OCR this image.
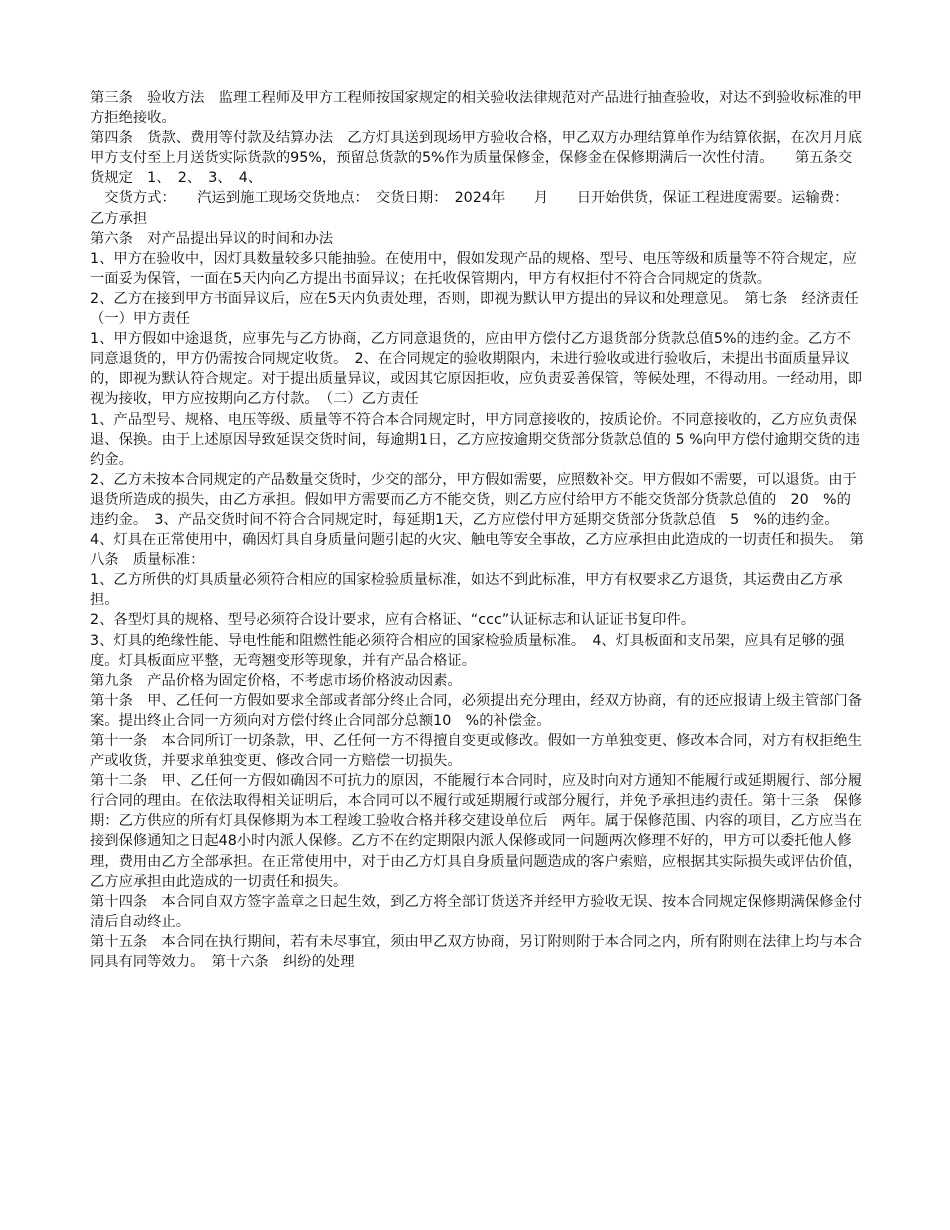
第三条　验收方法　监理工程师及甲方工程师按国家规定的相关验收法律规范对产品进行抽查验收，对达不到验收标准的甲方拒绝接收。

第四条　货款、费用等付款及结算办法　乙方灯具送到现场甲方验收合格，甲乙双方办理结算单作为结算依据，在次月月底甲方支付至上月送货实际货款的95%，预留总货款的5%作为质量保修金，保修金在保修期满后一次性付清。　　第五条交货规定　1、　2、　3、　4、

　交货方式：　　汽运到施工现场交货地点：　交货日期：　2024年　　月　　日开始供货，保证工程进度需要。运输费：　乙方承担

第六条　对产品提出异议的时间和办法

1、甲方在验收中，因灯具数量较多只能抽验。在使用中，假如发现产品的规格、型号、电压等级和质量等不符合规定，应一面妥为保管，一面在5天内向乙方提出书面异议；在托收保管期内，甲方有权拒付不符合合同规定的货款。

2、乙方在接到甲方书面异议后，应在5天内负责处理，否则，即视为默认甲方提出的异议和处理意见。　第七条　经济责任　（一）甲方责任

1、甲方假如中途退货，应事先与乙方协商，乙方同意退货的，应由甲方偿付乙方退货部分货款总值5%的违约金。乙方不同意退货的，甲方仍需按合同规定收货。　2、在合同规定的验收期限内，未进行验收或进行验收后，未提出书面质量异议的，即视为默认符合规定。对于提出质量异议，或因其它原因拒收，应负责妥善保管，等候处理，不得动用。一经动用，即视为接收，甲方应按期向乙方付款。　（二）乙方责任

1、产品型号、规格、电压等级、质量等不符合本合同规定时，甲方同意接收的，按质论价。不同意接收的，乙方应负责保退、保换。由于上述原因导致延误交货时间，每逾期1日，乙方应按逾期交货部分货款总值的 5 %向甲方偿付逾期交货的违约金。

2、乙方未按本合同规定的产品数量交货时，少交的部分，甲方假如需要，应照数补交。甲方假如不需要，可以退货。由于退货所造成的损失，由乙方承担。假如甲方需要而乙方不能交货，则乙方应付给甲方不能交货部分货款总值的　20　%的违约金。　3、产品交货时间不符合合同规定时，每延期1天，乙方应偿付甲方延期交货部分货款总值　5　%的违约金。

4、灯具在正常使用中，确因灯具自身质量问题引起的火灾、触电等安全事故，乙方应承担由此造成的一切责任和损失。　第八条　质量标准：

1、乙方所供的灯具质量必须符合相应的国家检验质量标准，如达不到此标准，甲方有权要求乙方退货，其运费由乙方承担。

2、各型灯具的规格、型号必须符合设计要求，应有合格证、“ccc”认证标志和认证证书复印件。

3、灯具的绝缘性能、导电性能和阻燃性能必须符合相应的国家检验质量标准。　4、灯具板面和支吊架，应具有足够的强度。灯具板面应平整，无弯翘变形等现象，并有产品合格证。

第九条　产品价格为固定价格，不考虑市场价格波动因素。

第十条　甲、乙任何一方假如要求全部或者部分终止合同，必须提出充分理由，经双方协商，有的还应报请上级主管部门备案。提出终止合同一方须向对方偿付终止合同部分总额10　%的补偿金。

第十一条　本合同所订一切条款，甲、乙任何一方不得擅自变更或修改。假如一方单独变更、修改本合同，对方有权拒绝生产或收货，并要求单独变更、修改合同一方赔偿一切损失。

第十二条　甲、乙任何一方假如确因不可抗力的原因，不能履行本合同时，应及时向对方通知不能履行或延期履行、部分履行合同的理由。在依法取得相关证明后，本合同可以不履行或延期履行或部分履行，并免予承担违约责任。第十三条　保修期：乙方供应的所有灯具保修期为本工程竣工验收合格并移交建设单位后　两年。属于保修范围、内容的项目，乙方应当在接到保修通知之日起48小时内派人保修。乙方不在约定期限内派人保修或同一问题两次修理不好的，甲方可以委托他人修理，费用由乙方全部承担。在正常使用中，对于由乙方灯具自身质量问题造成的客户索赔，应根据其实际损失或评估价值，乙方应承担由此造成的一切责任和损失。

第十四条　本合同自双方签字盖章之日起生效，到乙方将全部订货送齐并经甲方验收无误、按本合同规定保修期满保修金付清后自动终止。

第十五条　本合同在执行期间，若有未尽事宜，须由甲乙双方协商，另订附则附于本合同之内，所有附则在法律上均与本合同具有同等效力。　第十六条　纠纷的处理
